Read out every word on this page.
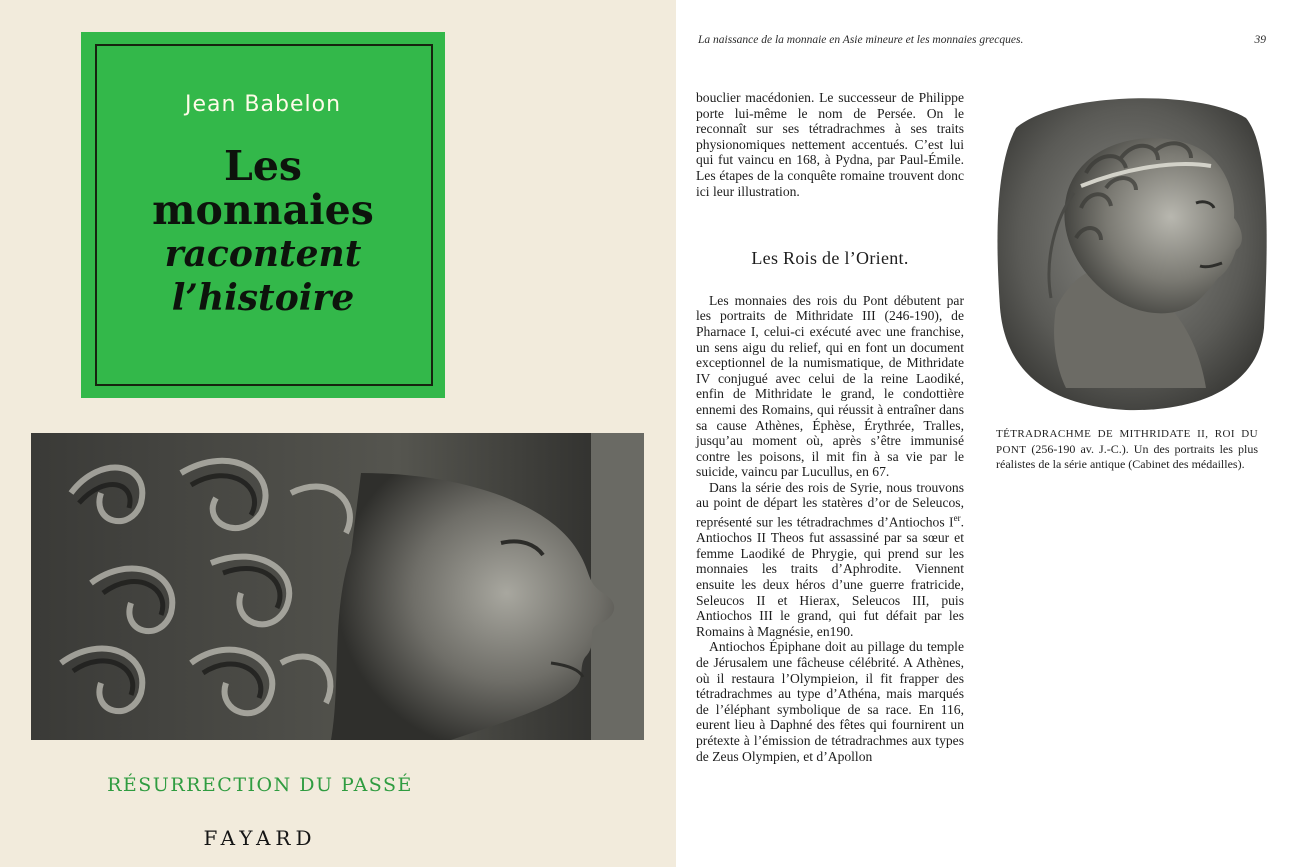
Jean Babelon
Les
monnaies
racontent
l’histoire
RÉSURRECTION DU PASSÉ
FAYARD
La naissance de la monnaie en Asie mineure et les monnaies grecques.	39

bouclier macédonien. Le successeur de Philippe porte lui-même le nom de Persée. On le reconnaît sur ses tétradrachmes à ses traits physionomiques nettement accentués. C’est lui qui fut vaincu en 168, à Pydna, par Paul-Émile. Les étapes de la conquête romaine trouvent donc ici leur illustration.

Les Rois de l’Orient.

Les monnaies des rois du Pont débutent par les portraits de Mithridate III (246-190), de Pharnace I, celui-ci exécuté avec une franchise, un sens aigu du relief, qui en font un document exceptionnel de la numismatique, de Mithridate IV conjugué avec celui de la reine Laodiké, enfin de Mithridate le grand, le condottière ennemi des Romains, qui réussit à entraîner dans sa cause Athènes, Éphèse, Érythrée, Tralles, jusqu’au moment où, après s’être immunisé contre les poisons, il mit fin à sa vie par le suicide, vaincu par Lucullus, en 67.

Dans la série des rois de Syrie, nous trouvons au point de départ les statères d’or de Seleucos, représenté sur les tétradrachmes d’Antiochos Ier. Antiochos II Theos fut assassiné par sa sœur et femme Laodiké de Phrygie, qui prend sur les monnaies les traits d’Aphrodite. Viennent ensuite les deux héros d’une guerre fratricide, Seleucos II et Hierax, Seleucos III, puis Antiochos III le grand, qui fut défait par les Romains à Magnésie, en190.

Antiochos Épiphane doit au pillage du temple de Jérusalem une fâcheuse célébrité. A Athènes, où il restaura l’Olympieion, il fit frapper des tétradrachmes au type d’Athéna, mais marqués de l’éléphant symbolique de sa race. En 116, eurent lieu à Daphné des fêtes qui fournirent un prétexte à l’émission de tétradrachmes aux types de Zeus Olympien, et d’Apollon

TÉTRADRACHME DE MITHRIDATE II, ROI DU PONT (256-190 av. J.-C.). Un des portraits les plus réalistes de la série antique (Cabinet des médailles).
